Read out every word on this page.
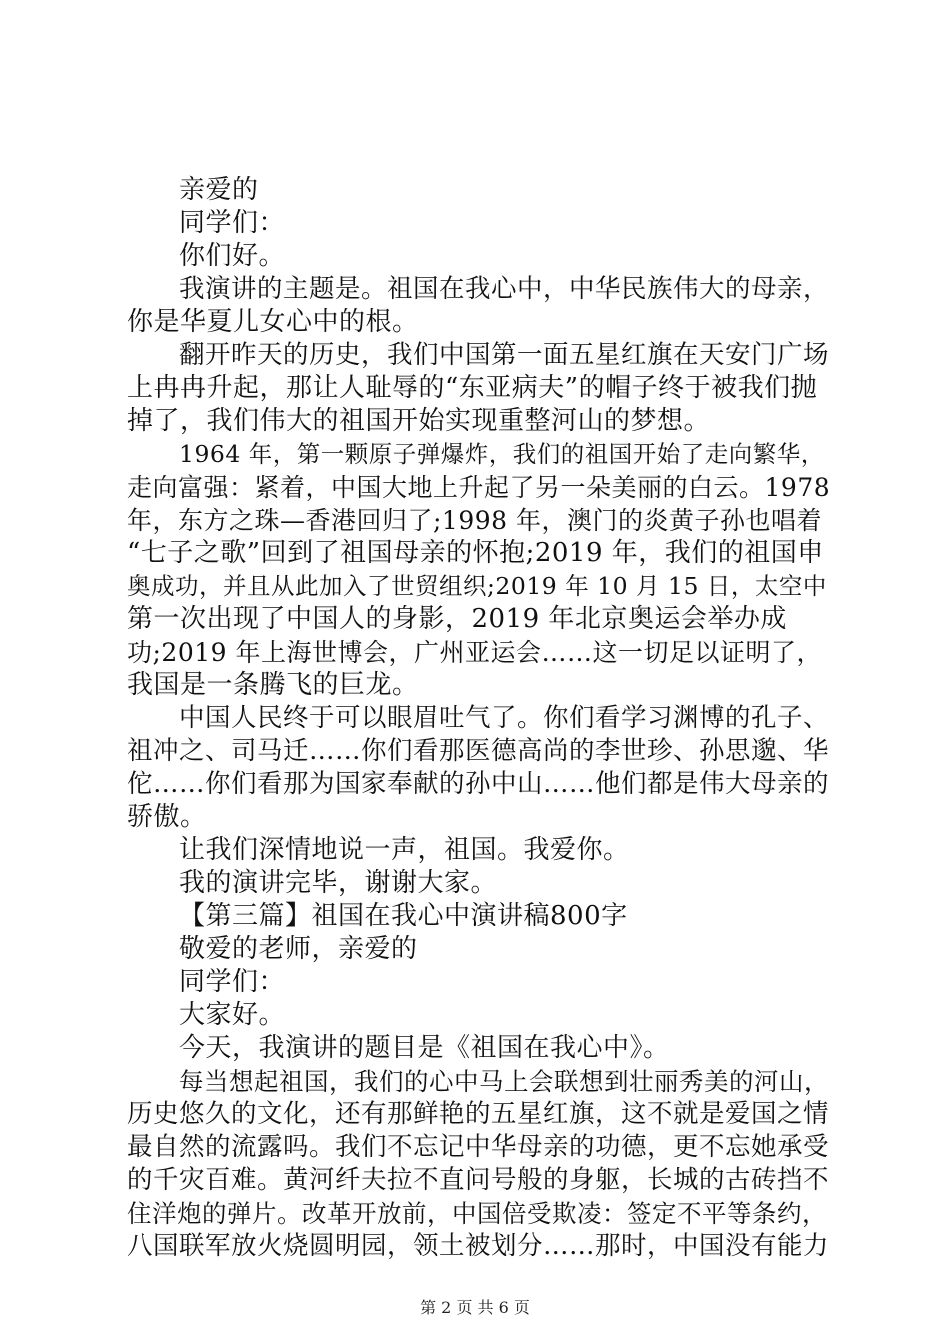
亲爱的
同学们：
你们好。
我演讲的主题是。祖国在我心中，中华民族伟大的母亲，
你是华夏儿女心中的根。
翻开昨天的历史，我们中国第一面五星红旗在天安门广场
上冉冉升起，那让人耻辱的“东亚病夫”的帽子终于被我们抛
掉了，我们伟大的祖国开始实现重整河山的梦想。
1964 年，第一颗原子弹爆炸，我们的祖国开始了走向繁华，
走向富强：紧着，中国大地上升起了另一朵美丽的白云。1978
年，东方之珠—香港回归了;1998 年，澳门的炎黄子孙也唱着
“七子之歌”回到了祖国母亲的怀抱;2019 年，我们的祖国申
奥成功，并且从此加入了世贸组织;2019 年 10 月 15 日，太空中
第一次出现了中国人的身影，2019 年北京奥运会举办成
功;2019 年上海世博会，广州亚运会……这一切足以证明了，
我国是一条腾飞的巨龙。
中国人民终于可以眼眉吐气了。你们看学习渊博的孔子、
祖冲之、司马迁……你们看那医德高尚的李世珍、孙思邈、华
佗……你们看那为国家奉献的孙中山……他们都是伟大母亲的
骄傲。
让我们深情地说一声，祖国。我爱你。
我的演讲完毕，谢谢大家。
【第三篇】祖国在我心中演讲稿800字
敬爱的老师，亲爱的
同学们：
大家好。
今天，我演讲的题目是《祖国在我心中》。
每当想起祖国，我们的心中马上会联想到壮丽秀美的河山，
历史悠久的文化，还有那鲜艳的五星红旗，这不就是爱国之情
最自然的流露吗。我们不忘记中华母亲的功德，更不忘她承受
的千灾百难。黄河纤夫拉不直问号般的身躯，长城的古砖挡不
住洋炮的弹片。改革开放前，中国倍受欺凌：签定不平等条约，
八国联军放火烧圆明园，领土被划分……那时，中国没有能力
第 2 页 共 6 页
